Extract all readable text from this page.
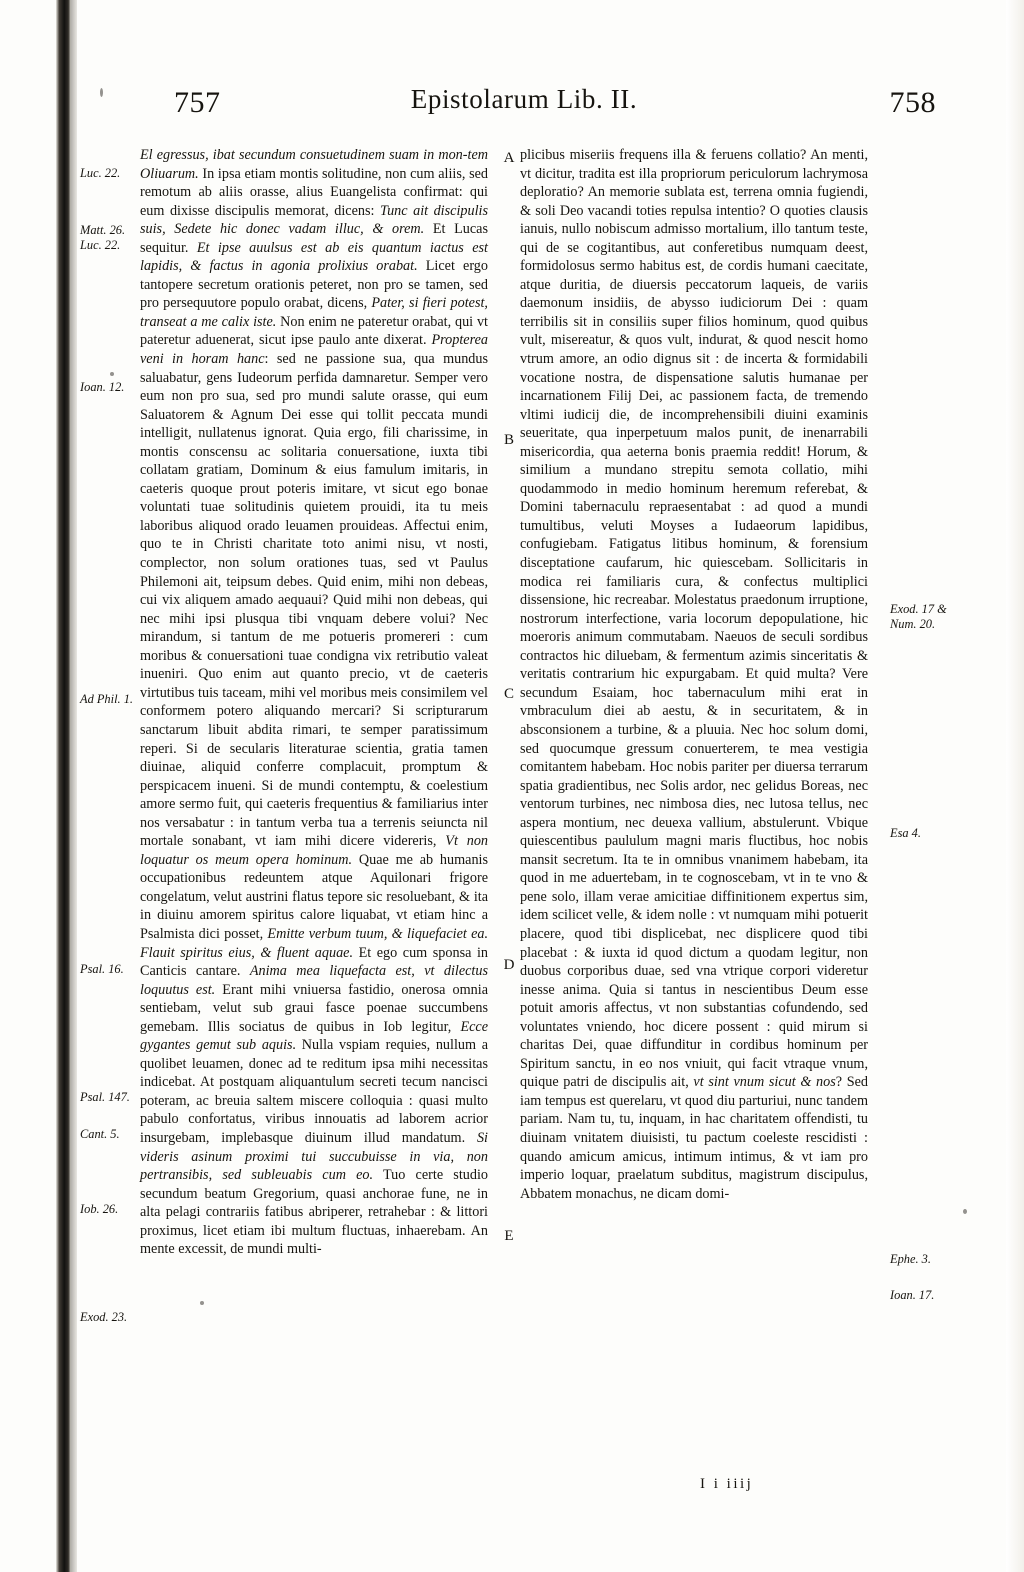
757	Epistolarum Lib. II.	758

El egressus, ibat secundum consuetudinem suam in mon-tem Oliuarum. In ipsa etiam montis solitudine, non cum aliis, sed remotum ab aliis orasse, alius Euangelista confirmat: qui eum dixisse discipulis memorat, dicens: Tunc ait discipulis suis, Sedete hic donec vadam illuc, & orem. Et Lucas sequitur. Et ipse auulsus est ab eis quantum iactus est lapidis, & factus in agonia prolixius orabat. Licet ergo tantopere secretum orationis peteret, non pro se tamen, sed pro persequutore populo orabat, dicens, Pater, si fieri potest, transeat a me calix iste. Non enim ne pateretur orabat, qui vt pateretur aduenerat, sicut ipse paulo ante dixerat. Propterea veni in horam hanc: sed ne passione sua, qua mundus saluabatur, gens Iudeorum perfida damnaretur. Semper vero eum non pro sua, sed pro mundi salute orasse, qui eum Saluatorem & Agnum Dei esse qui tollit peccata mundi intelligit, nullatenus ignorat. Quia ergo, fili charissime, in montis conscensu ac solitaria conuersatione, iuxta tibi collatam gratiam, Dominum & eius famulum imitaris, in caeteris quoque prout poteris imitare, vt sicut ego bonae voluntati tuae solitudinis quietem prouidi, ita tu meis laboribus aliquod orado leuamen prouideas. Affectui enim, quo te in Christi charitate toto animi nisu, vt nosti, complector, non solum orationes tuas, sed vt Paulus Philemoni ait, teipsum debes. Quid enim, mihi non debeas, cui vix aliquem amado aequaui? Quid mihi non debeas, qui nec mihi ipsi plusqua tibi vnquam debere volui? Nec mirandum, si tantum de me potueris promereri : cum moribus & conuersationi tuae condigna vix retributio valeat inueniri. Quo enim aut quanto precio, vt de caeteris virtutibus tuis taceam, mihi vel moribus meis consimilem vel conformem potero aliquando mercari? Si scripturarum sanctarum libuit abdita rimari, te semper paratissimum reperi. Si de secularis literaturae scientia, gratia tamen diuinae, aliquid conferre complacuit, promptum & perspicacem inueni. Si de mundi contemptu, & coelestium amore sermo fuit, qui caeteris frequentius & familiarius inter nos versabatur : in tantum verba tua a terrenis seiuncta nil mortale sonabant, vt iam mihi dicere videreris, Vt non loquatur os meum opera hominum. Quae me ab humanis occupationibus redeuntem atque Aquilonari frigore congelatum, velut austrini flatus tepore sic resoluebant, & ita in diuinu amorem spiritus calore liquabat, vt etiam hinc a Psalmista dici posset, Emitte verbum tuum, & liquefaciet ea. Flauit spiritus eius, & fluent aquae. Et ego cum sponsa in Canticis cantare. Anima mea liquefacta est, vt dilectus loquutus est. Erant mihi vniuersa fastidio, onerosa omnia sentiebam, velut sub graui fasce poenae succumbens gemebam. Illis sociatus de quibus in Iob legitur, Ecce gygantes gemut sub aquis. Nulla vspiam requies, nullum a quolibet leuamen, donec ad te reditum ipsa mihi necessitas indicebat. At postquam aliquantulum secreti tecum nancisci poteram, ac breuia saltem miscere colloquia : quasi multo pabulo confortatus, viribus innouatis ad laborem acrior insurgebam, implebasque diuinum illud mandatum. Si videris asinum proximi tui succubuisse in via, non pertransibis, sed subleuabis cum eo. Tuo certe studio secundum beatum Gregorium, quasi anchorae fune, ne in alta pelagi contrariis fatibus abriperer, retrahebar : & littori proximus, licet etiam ibi multum fluctuas, inhaerebam. An mente excessit, de mundi multi-

plicibus miseriis frequens illa & feruens collatio? An menti, vt dicitur, tradita est illa propriorum periculorum lachrymosa deploratio? An memorie sublata est, terrena omnia fugiendi, & soli Deo vacandi toties repulsa intentio? O quoties clausis ianuis, nullo nobiscum admisso mortalium, illo tantum teste, qui de se cogitantibus, aut conferetibus numquam deest, formidolosus sermo habitus est, de cordis humani caecitate, atque duritia, de diuersis peccatorum laqueis, de variis daemonum insidiis, de abysso iudiciorum Dei : quam terribilis sit in consiliis super filios hominum, quod quibus vult, misereatur, & quos vult, indurat, & quod nescit homo vtrum amore, an odio dignus sit : de incerta & formidabili vocatione nostra, de dispensatione salutis humanae per incarnationem Filij Dei, ac passionem facta, de tremendo vltimi iudicij die, de incomprehensibili diuini examinis seueritate, qua inperpetuum malos punit, de inenarrabili misericordia, qua aeterna bonis praemia reddit! Horum, & similium a mundano strepitu semota collatio, mihi quodammodo in medio hominum heremum referebat, & Domini tabernaculu repraesentabat : ad quod a mundi tumultibus, veluti Moyses a Iudaeorum lapidibus, confugiebam. Fatigatus litibus hominum, & forensium disceptatione caufarum, hic quiescebam. Sollicitaris in modica rei familiaris cura, & confectus multiplici dissensione, hic recreabar. Molestatus praedonum irruptione, nostrorum interfectione, varia locorum depopulatione, hic moeroris animum commutabam. Naeuos de seculi sordibus contractos hic diluebam, & fermentum azimis sinceritatis & veritatis contrarium hic expurgabam. Et quid multa? Vere secundum Esaiam, hoc tabernaculum mihi erat in vmbraculum diei ab aestu, & in securitatem, & in absconsionem a turbine, & a pluuia. Nec hoc solum domi, sed quocumque gressum conuerterem, te mea vestigia comitantem habebam. Hoc nobis pariter per diuersa terrarum spatia gradientibus, nec Solis ardor, nec gelidus Boreas, nec ventorum turbines, nec nimbosa dies, nec lutosa tellus, nec aspera montium, nec deuexa vallium, abstulerunt. Vbique quiescentibus paululum magni maris fluctibus, hoc nobis mansit secretum. Ita te in omnibus vnanimem habebam, ita quod in me aduertebam, in te cognoscebam, vt in te vno & pene solo, illam verae amicitiae diffinitionem expertus sim, idem scilicet velle, & idem nolle : vt numquam mihi potuerit placere, quod tibi displicebat, nec displicere quod tibi placebat : & iuxta id quod dictum a quodam legitur, non duobus corporibus duae, sed vna vtrique corpori videretur inesse anima. Quia si tantus in nescientibus Deum esse potuit amoris affectus, vt non substantias cofundendo, sed voluntates vniendo, hoc dicere possent : quid mirum si charitas Dei, quae diffunditur in cordibus hominum per Spiritum sanctu, in eo nos vniuit, qui facit vtraque vnum, quique patri de discipulis ait, vt sint vnum sicut & nos? Sed iam tempus est querelaru, vt quod diu parturiui, nunc tandem pariam. Nam tu, tu, inquam, in hac charitatem offendisti, tu diuinam vnitatem diuisisti, tu pactum coeleste rescidisti : quando amicum amicus, intimum intimus, & vt iam pro imperio loquar, praelatum subditus, magistrum discipulus, Abbatem monachus, ne dicam domi-

Luc. 22.
Matt. 26.
Luc. 22.
Ioan. 12.
Ad Phil. 1.
Psal. 16.
Psal. 147.
Cant. 5.
Iob. 26.
Exod. 23.
Exod. 17 &
Num. 20.
Esa 4.
Ephe. 3.
Ioan. 17.
A
B
C
D
E
I i iiij
